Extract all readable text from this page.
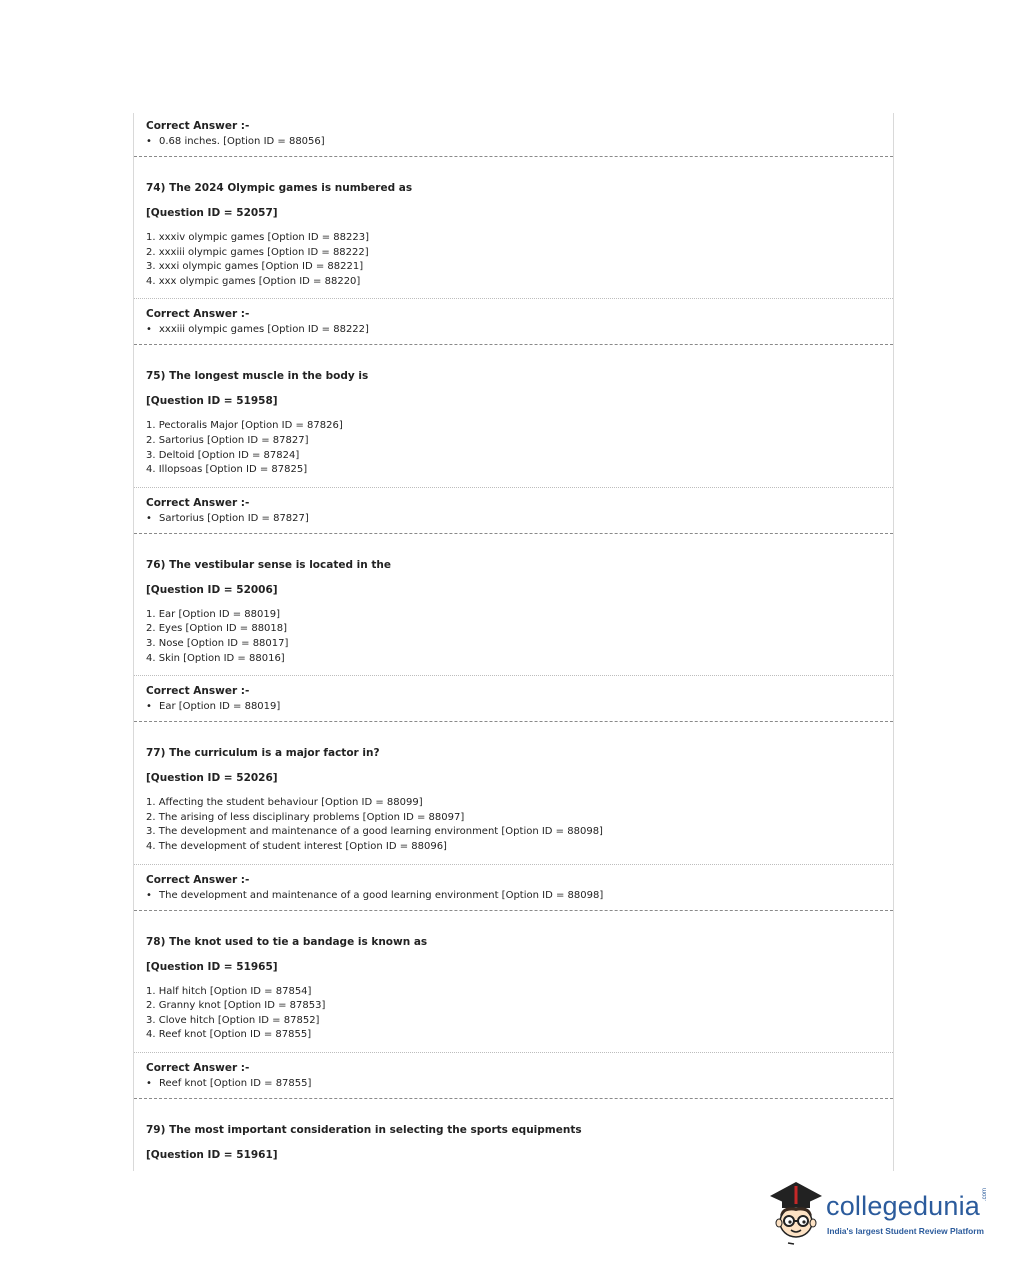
Correct Answer :-
• 0.68 inches. [Option ID = 88056]
74) The 2024 Olympic games is numbered as
[Question ID = 52057]
1. xxxiv olympic games [Option ID = 88223]
2. xxxiii olympic games [Option ID = 88222]
3. xxxi olympic games [Option ID = 88221]
4. xxx olympic games [Option ID = 88220]
Correct Answer :-
• xxxiii olympic games [Option ID = 88222]
75) The longest muscle in the body is
[Question ID = 51958]
1. Pectoralis Major [Option ID = 87826]
2. Sartorius [Option ID = 87827]
3. Deltoid [Option ID = 87824]
4. Illopsoas [Option ID = 87825]
Correct Answer :-
• Sartorius [Option ID = 87827]
76) The vestibular sense is located in the
[Question ID = 52006]
1. Ear [Option ID = 88019]
2. Eyes [Option ID = 88018]
3. Nose [Option ID = 88017]
4. Skin [Option ID = 88016]
Correct Answer :-
• Ear [Option ID = 88019]
77) The curriculum is a major factor in?
[Question ID = 52026]
1. Affecting the student behaviour [Option ID = 88099]
2. The arising of less disciplinary problems [Option ID = 88097]
3. The development and maintenance of a good learning environment [Option ID = 88098]
4. The development of student interest [Option ID = 88096]
Correct Answer :-
• The development and maintenance of a good learning environment [Option ID = 88098]
78) The knot used to tie a bandage is known as
[Question ID = 51965]
1. Half hitch [Option ID = 87854]
2. Granny knot [Option ID = 87853]
3. Clove hitch [Option ID = 87852]
4. Reef knot [Option ID = 87855]
Correct Answer :-
• Reef knot [Option ID = 87855]
79) The most important consideration in selecting the sports equipments
[Question ID = 51961]
collegedunia .com
India's largest Student Review Platform
